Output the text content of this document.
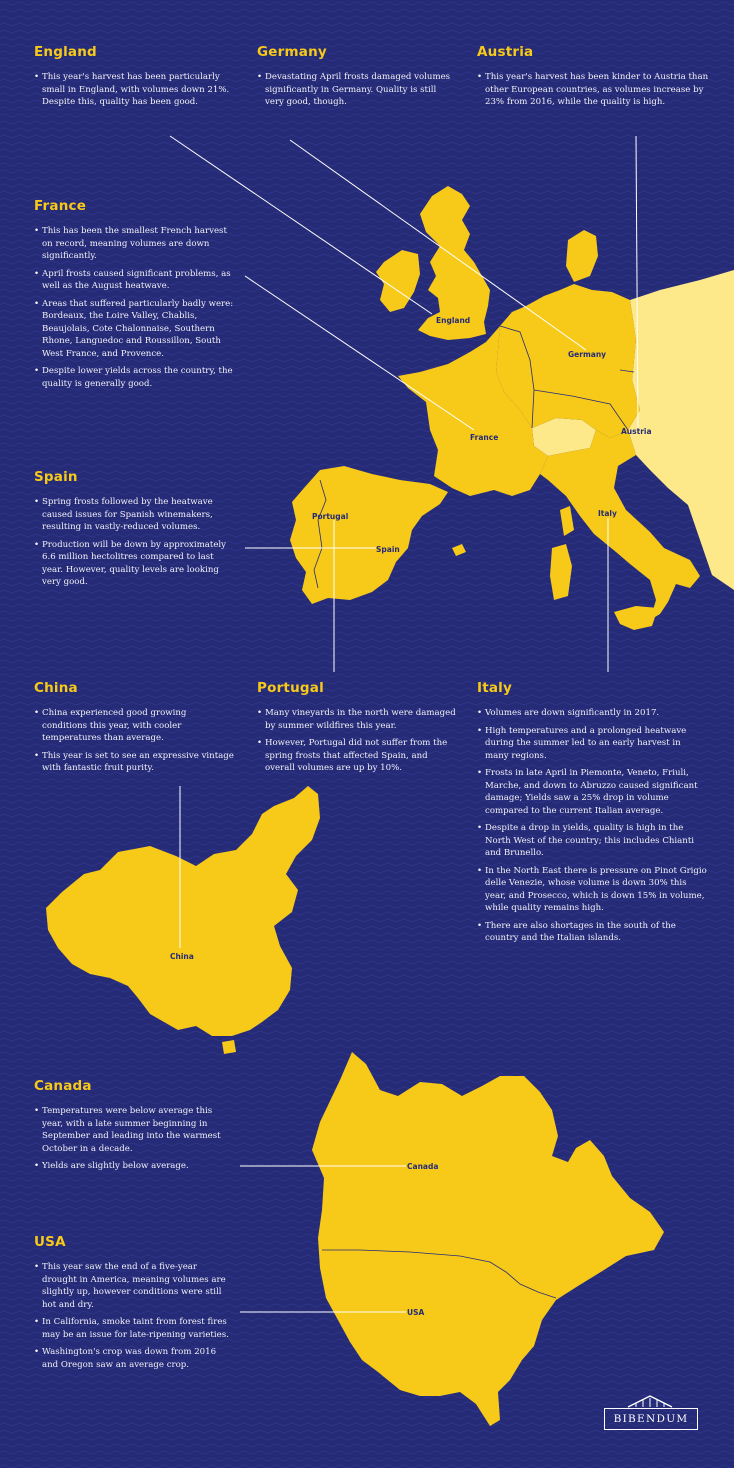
England
Germany
Austria
France
Portugal
Spain
Italy
China
Canada
USA
England
• This year's harvest has been particularly small in England, with volumes down 21%. Despite this, quality has been good.
Germany
• Devastating April frosts damaged volumes significantly in Germany. Quality is still very good, though.
Austria
• This year's harvest has been kinder to Austria than other European countries, as volumes increase by 23% from 2016, while the quality is high.
France
• This has been the smallest French harvest on record, meaning volumes are down significantly.
• April frosts caused significant problems, as well as the August heatwave.
• Areas that suffered particularly badly were: Bordeaux, the Loire Valley, Chablis, Beaujolais, Cote Chalonnaise, Southern Rhone, Languedoc and Roussillon, South West France, and Provence.
• Despite lower yields across the country, the quality is generally good.
Spain
• Spring frosts followed by the heatwave caused issues for Spanish winemakers, resulting in vastly-reduced volumes.
• Production will be down by approximately 6.6 million hectolitres compared to last year. However, quality levels are looking very good.
China
• China experienced good growing conditions this year, with cooler temperatures than average.
• This year is set to see an expressive vintage with fantastic fruit purity.
Portugal
• Many vineyards in the north were damaged by summer wildfires this year.
• However, Portugal did not suffer from the spring frosts that affected Spain, and overall volumes are up by 10%.
Italy
• Volumes are down significantly in 2017.
• High temperatures and a prolonged heatwave during the summer led to an early harvest in many regions.
• Frosts in late April in Piemonte, Veneto, Friuli, Marche, and down to Abruzzo caused significant damage; Yields saw a 25% drop in volume compared to the current Italian average.
• Despite a drop in yields, quality is high in the North West of the country; this includes Chianti and Brunello.
• In the North East there is pressure on Pinot Grigio delle Venezie, whose volume is down 30% this year, and Prosecco, which is down 15% in volume, while quality remains high.
• There are also shortages in the south of the country and the Italian islands.
Canada
• Temperatures were below average this year, with a late summer beginning in September and leading into the warmest October in a decade.
• Yields are slightly below average.
USA
• This year saw the end of a five-year drought in America, meaning volumes are slightly up, however conditions were still hot and dry.
• In California, smoke taint from forest fires may be an issue for late-ripening varieties.
• Washington's crop was down from 2016 and Oregon saw an average crop.
BIBENDUM
